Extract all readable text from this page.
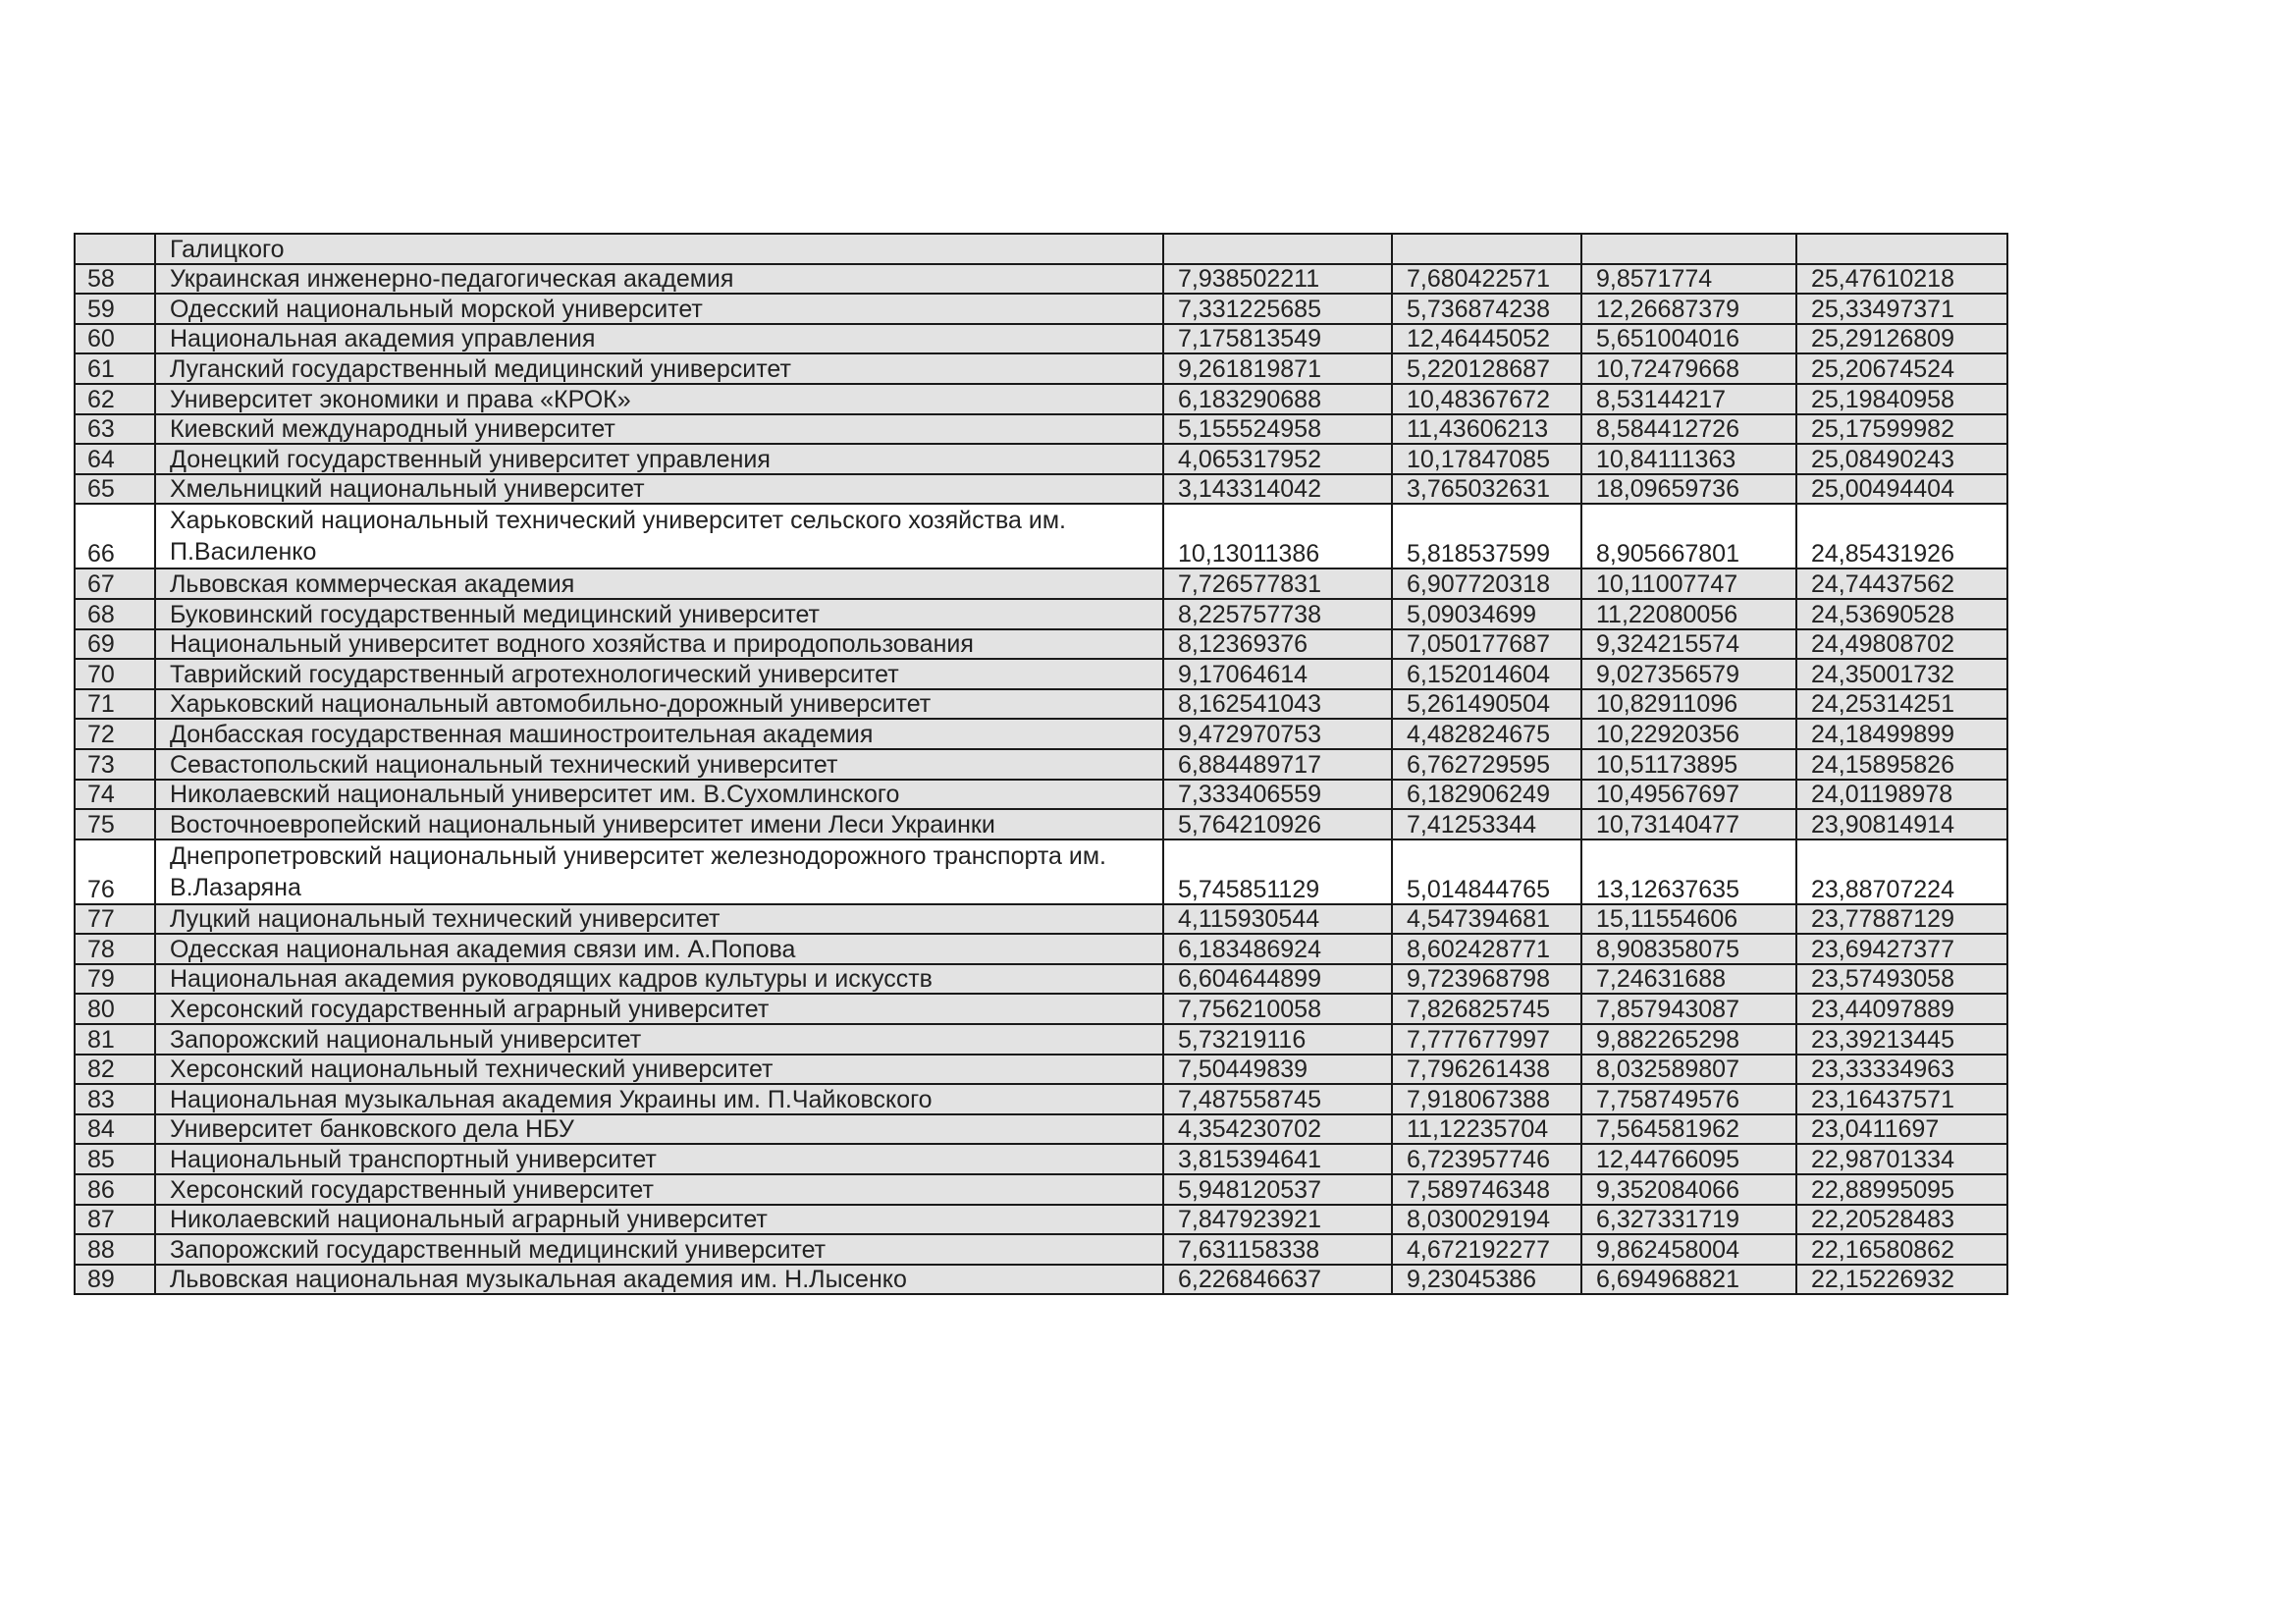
	Галицкого				
58	Украинская инженерно-педагогическая академия	7,938502211	7,680422571	9,8571774	25,47610218
59	Одесский национальный морской университет	7,331225685	5,736874238	12,26687379	25,33497371
60	Национальная академия управления	7,175813549	12,46445052	5,651004016	25,29126809
61	Луганский государственный медицинский университет	9,261819871	5,220128687	10,72479668	25,20674524
62	Университет экономики и права «КРОК»	6,183290688	10,48367672	8,53144217	25,19840958
63	Киевский международный университет	5,155524958	11,43606213	8,584412726	25,17599982
64	Донецкий государственный университет управления	4,065317952	10,17847085	10,84111363	25,08490243
65	Хмельницкий национальный университет	3,143314042	3,765032631	18,09659736	25,00494404
66	Харьковский национальный технический университет сельского хозяйства им. П.Василенко	10,13011386	5,818537599	8,905667801	24,85431926
67	Львовская коммерческая академия	7,726577831	6,907720318	10,11007747	24,74437562
68	Буковинский государственный медицинский университет	8,225757738	5,09034699	11,22080056	24,53690528
69	Национальный университет водного хозяйства и природопользования	8,12369376	7,050177687	9,324215574	24,49808702
70	Таврийский государственный агротехнологический университет	9,17064614	6,152014604	9,027356579	24,35001732
71	Харьковский национальный автомобильно-дорожный университет	8,162541043	5,261490504	10,82911096	24,25314251
72	Донбасская государственная машиностроительная академия	9,472970753	4,482824675	10,22920356	24,18499899
73	Севастопольский национальный технический университет	6,884489717	6,762729595	10,51173895	24,15895826
74	Николаевский национальный университет им. В.Сухомлинского	7,333406559	6,182906249	10,49567697	24,01198978
75	Восточноевропейский национальный университет имени Леси Украинки	5,764210926	7,41253344	10,73140477	23,90814914
76	Днепропетровский национальный университет железнодорожного транспорта им. В.Лазаряна	5,745851129	5,014844765	13,12637635	23,88707224
77	Луцкий национальный технический университет	4,115930544	4,547394681	15,11554606	23,77887129
78	Одесская национальная академия связи им. А.Попова	6,183486924	8,602428771	8,908358075	23,69427377
79	Национальная академия руководящих кадров культуры и искусств	6,604644899	9,723968798	7,24631688	23,57493058
80	Херсонский государственный аграрный университет	7,756210058	7,826825745	7,857943087	23,44097889
81	Запорожский национальный университет	5,73219116	7,777677997	9,882265298	23,39213445
82	Херсонский национальный технический университет	7,50449839	7,796261438	8,032589807	23,33334963
83	Национальная музыкальная академия Украины им. П.Чайковского	7,487558745	7,918067388	7,758749576	23,16437571
84	Университет банковского дела НБУ	4,354230702	11,12235704	7,564581962	23,0411697
85	Национальный транспортный университет	3,815394641	6,723957746	12,44766095	22,98701334
86	Херсонский государственный университет	5,948120537	7,589746348	9,352084066	22,88995095
87	Николаевский национальный аграрный университет	7,847923921	8,030029194	6,327331719	22,20528483
88	Запорожский государственный медицинский университет	7,631158338	4,672192277	9,862458004	22,16580862
89	Львовская национальная музыкальная академия им. Н.Лысенко	6,226846637	9,23045386	6,694968821	22,15226932
